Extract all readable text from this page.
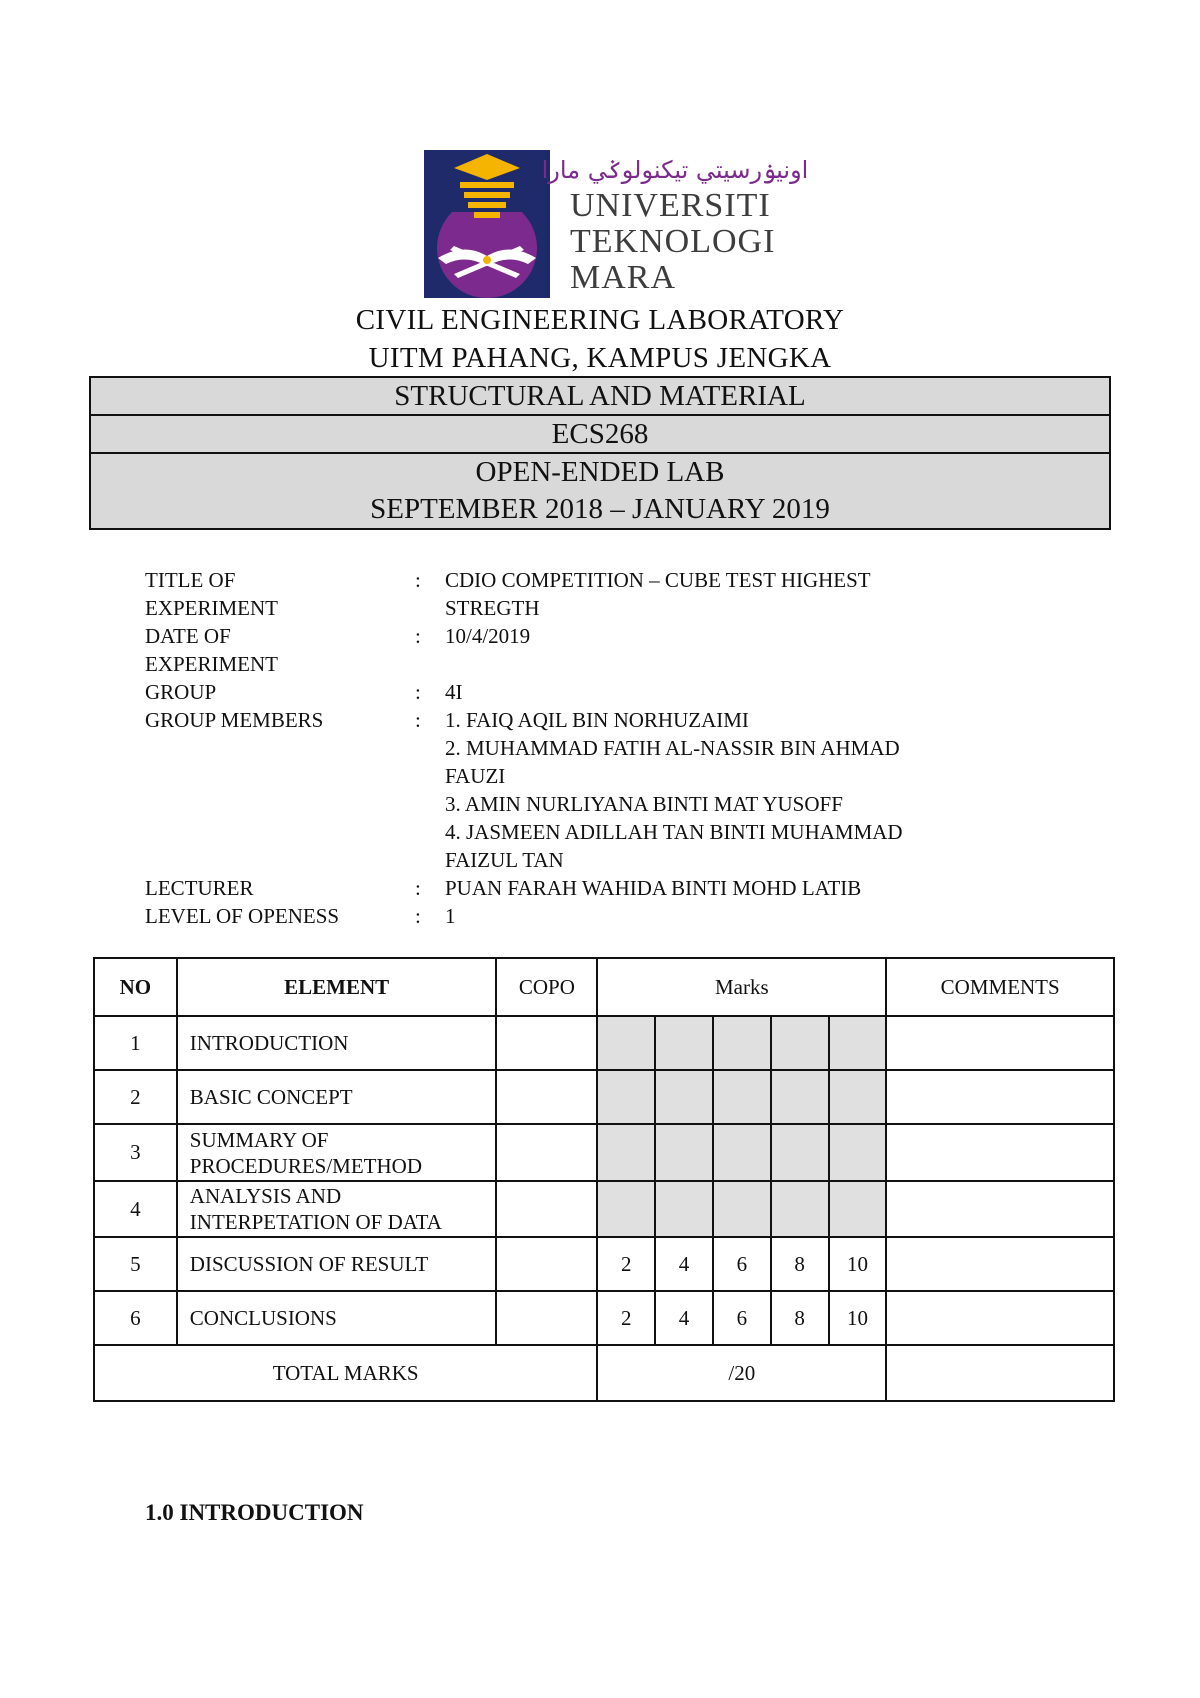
اونيۏرسيتي تيكنولوݢي مارا
UNIVERSITI
TEKNOLOGI
MARA
CIVIL ENGINEERING LABORATORY
UITM PAHANG, KAMPUS JENGKA
STRUCTURAL AND MATERIAL
ECS268
OPEN-ENDED LAB
SEPTEMBER 2018 – JANUARY 2019
TITLE OF
EXPERIMENT
:	CDIO COMPETITION – CUBE TEST HIGHEST
STREGTH
DATE OF
EXPERIMENT
:	10/4/2019
GROUP	:	4I
GROUP MEMBERS	:	1. FAIQ AQIL BIN NORHUZAIMI
2. MUHAMMAD FATIH AL-NASSIR BIN AHMAD
FAUZI
3. AMIN NURLIYANA BINTI MAT YUSOFF
4. JASMEEN ADILLAH TAN BINTI MUHAMMAD
FAIZUL TAN
LECTURER	:	PUAN FARAH WAHIDA BINTI MOHD LATIB
LEVEL OF OPENESS	:	1
NO	ELEMENT	COPO	Marks					COMMENTS
1	INTRODUCTION							
2	BASIC CONCEPT							
3	SUMMARY OF
PROCEDURES/METHOD							

4	ANALYSIS AND
INTERPETATION OF DATA							

5	DISCUSSION OF RESULT		2	4	6	8	10	
6	CONCLUSIONS		2	4	6	8	10	
TOTAL MARKS			/20					
1.0 INTRODUCTION
